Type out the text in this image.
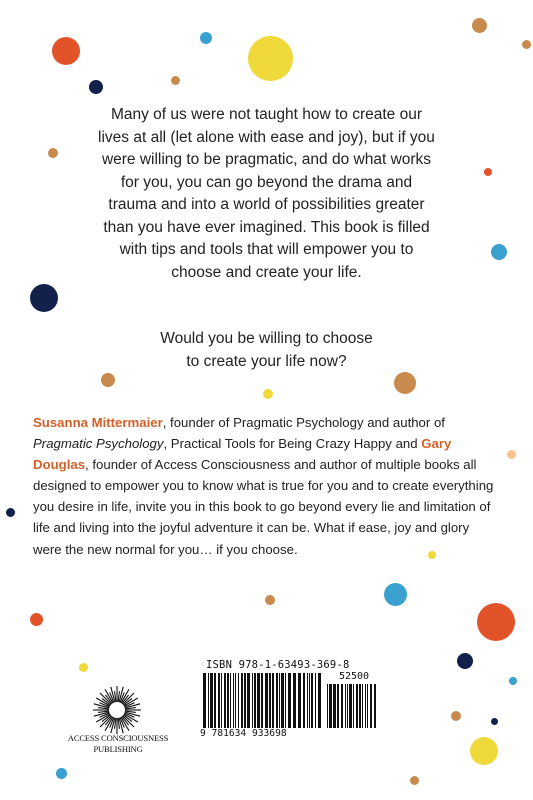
Many of us were not taught how to create our lives at all (let alone with ease and joy), but if you were willing to be pragmatic, and do what works for you, you can go beyond the drama and trauma and into a world of possibilities greater than you have ever imagined. This book is filled with tips and tools that will empower you to choose and create your life.

Would you be willing to choose
to create your life now?
Susanna Mittermaier, founder of Pragmatic Psychology and author of Pragmatic Psychology, Practical Tools for Being Crazy Happy and Gary Douglas, founder of Access Consciousness and author of multiple books all designed to empower you to know what is true for you and to create everything you desire in life, invite you in this book to go beyond every lie and limitation of life and living into the joyful adventure it can be. What if ease, joy and glory were the new normal for you… if you choose.
ACCESS CONSCIOUSNESS
PUBLISHING
ISBN 978-1-63493-369-8
52500
9 781634 933698
